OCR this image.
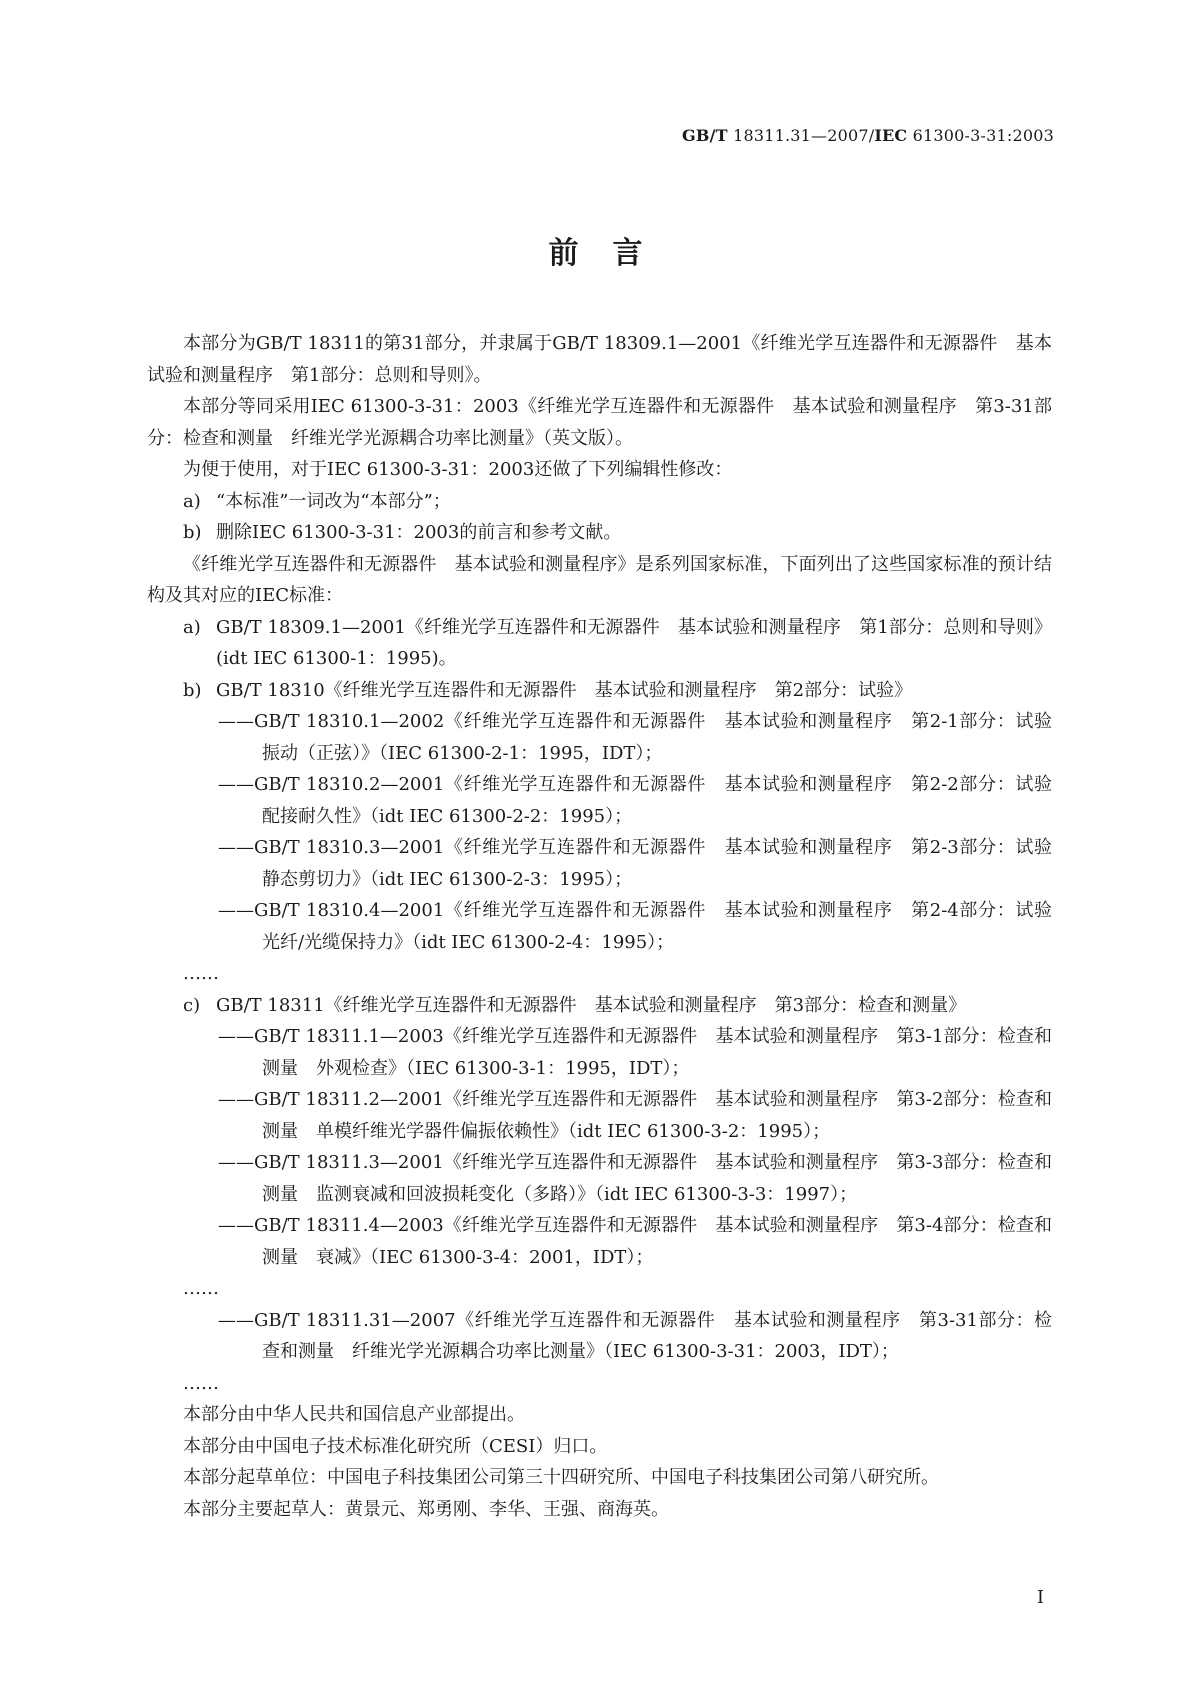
GB/T 18311.31—2007/IEC 61300-3-31:2003
前言

本部分为GB/T 18311的第31部分，并隶属于GB/T 18309.1—2001《纤维光学互连器件和无源器件　基本试验和测量程序　第1部分：总则和导则》。

本部分等同采用IEC 61300-3-31：2003《纤维光学互连器件和无源器件　基本试验和测量程序　第3-31部分：检查和测量　纤维光学光源耦合功率比测量》（英文版）。

为便于使用，对于IEC 61300-3-31：2003还做了下列编辑性修改：

a) “本标准”一词改为“本部分”；

b) 删除IEC 61300-3-31：2003的前言和参考文献。

《纤维光学互连器件和无源器件　基本试验和测量程序》是系列国家标准，下面列出了这些国家标准的预计结构及其对应的IEC标准：

a) GB/T 18309.1—2001《纤维光学互连器件和无源器件　基本试验和测量程序　第1部分：总则和导则》(idt IEC 61300-1：1995)。

b) GB/T 18310《纤维光学互连器件和无源器件　基本试验和测量程序　第2部分：试验》

——GB/T 18310.1—2002《纤维光学互连器件和无源器件　基本试验和测量程序　第2-1部分：试验　振动（正弦）》（IEC 61300-2-1：1995，IDT）；

——GB/T 18310.2—2001《纤维光学互连器件和无源器件　基本试验和测量程序　第2-2部分：试验　配接耐久性》（idt IEC 61300-2-2：1995）；

——GB/T 18310.3—2001《纤维光学互连器件和无源器件　基本试验和测量程序　第2-3部分：试验　静态剪切力》（idt IEC 61300-2-3：1995）；

——GB/T 18310.4—2001《纤维光学互连器件和无源器件　基本试验和测量程序　第2-4部分：试验　光纤/光缆保持力》（idt IEC 61300-2-4：1995）；

……

c) GB/T 18311《纤维光学互连器件和无源器件　基本试验和测量程序　第3部分：检查和测量》

——GB/T 18311.1—2003《纤维光学互连器件和无源器件　基本试验和测量程序　第3-1部分：检查和测量　外观检查》（IEC 61300-3-1：1995，IDT）；

——GB/T 18311.2—2001《纤维光学互连器件和无源器件　基本试验和测量程序　第3-2部分：检查和测量　单模纤维光学器件偏振依赖性》（idt IEC 61300-3-2：1995）；

——GB/T 18311.3—2001《纤维光学互连器件和无源器件　基本试验和测量程序　第3-3部分：检查和测量　监测衰减和回波损耗变化（多路）》（idt IEC 61300-3-3：1997）；

——GB/T 18311.4—2003《纤维光学互连器件和无源器件　基本试验和测量程序　第3-4部分：检查和测量　衰减》（IEC 61300-3-4：2001，IDT）；

……

——GB/T 18311.31—2007《纤维光学互连器件和无源器件　基本试验和测量程序　第3-31部分：检查和测量　纤维光学光源耦合功率比测量》（IEC 61300-3-31：2003，IDT）；

……

本部分由中华人民共和国信息产业部提出。

本部分由中国电子技术标准化研究所（CESI）归口。

本部分起草单位：中国电子科技集团公司第三十四研究所、中国电子科技集团公司第八研究所。

本部分主要起草人：黄景元、郑勇刚、李华、王强、商海英。

I
